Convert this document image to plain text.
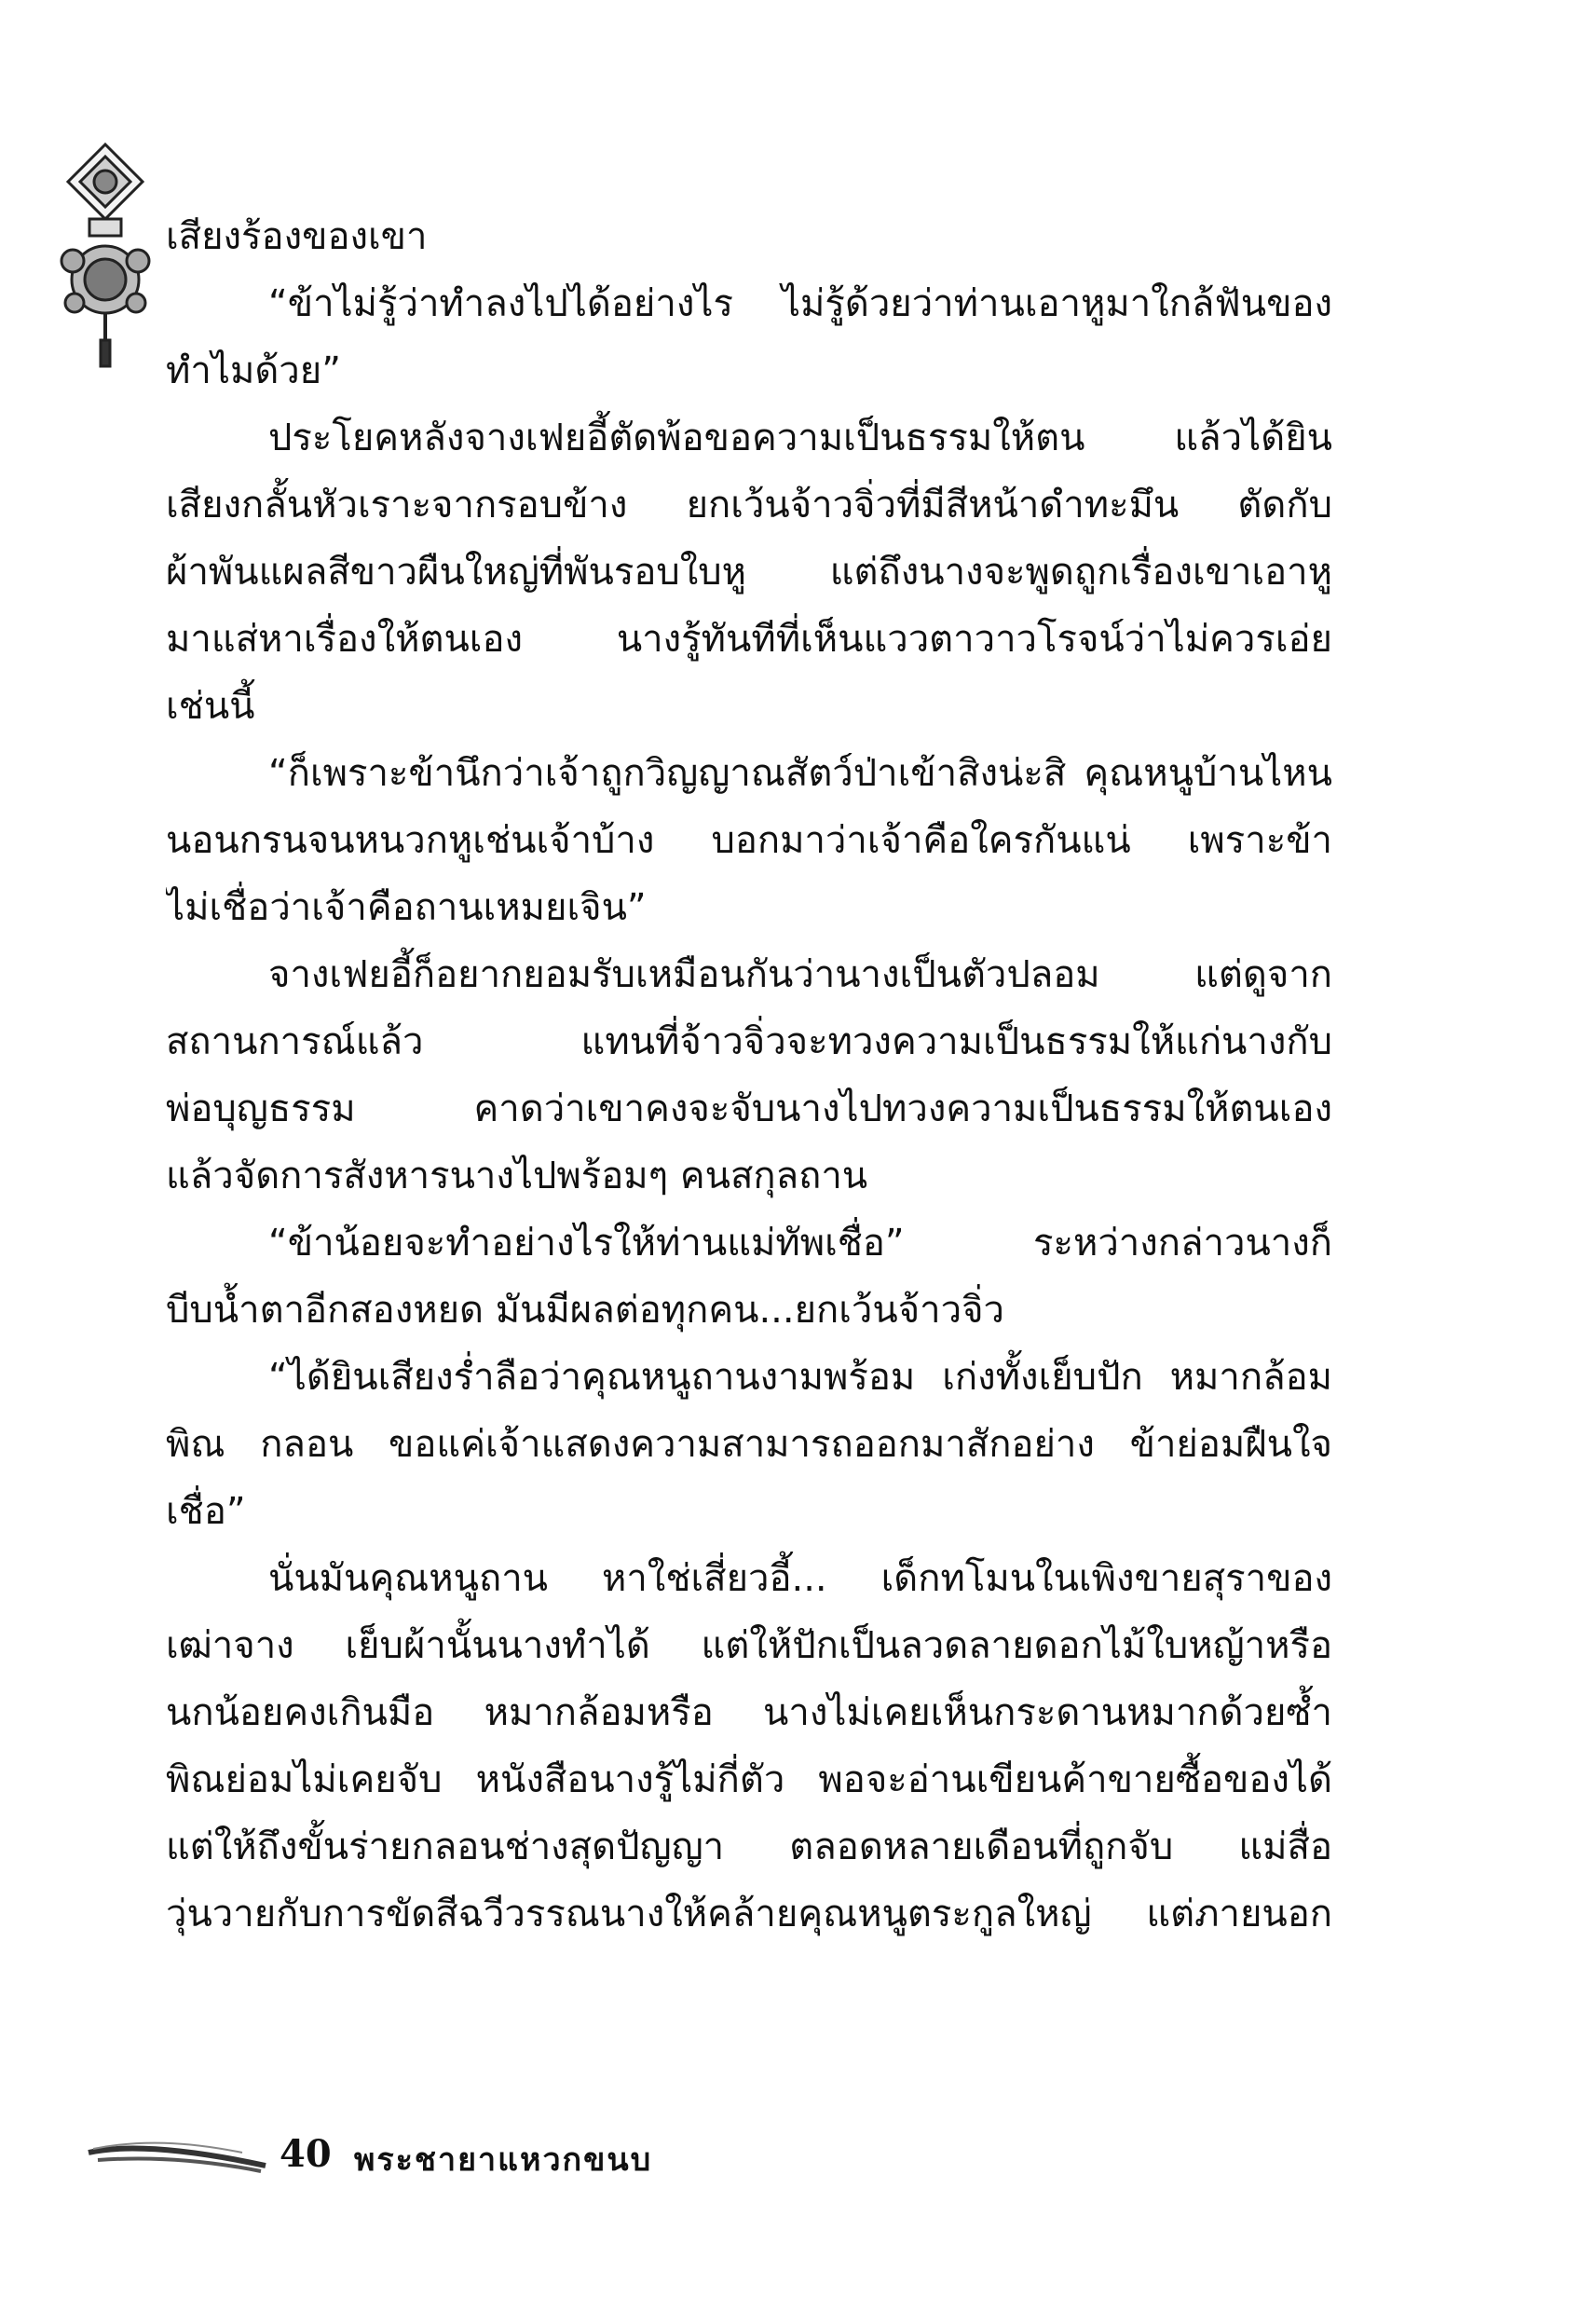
เสียงร้องของเขา
“ข้าไม่รู้ว่าทำลงไปได้อย่างไร ไม่รู้ด้วยว่าท่านเอาหูมาใกล้ฟันของ
ทำไมด้วย”
ประโยคหลังจางเฟยอี้ตัดพ้อขอความเป็นธรรมให้ตน แล้วได้ยิน
เสียงกลั้นหัวเราะจากรอบข้าง ยกเว้นจ้าวจิ่วที่มีสีหน้าดำทะมึน ตัดกับ
ผ้าพันแผลสีขาวผืนใหญ่ที่พันรอบใบหู แต่ถึงนางจะพูดถูกเรื่องเขาเอาหู
มาแส่หาเรื่องให้ตนเอง นางรู้ทันทีที่เห็นแววตาวาวโรจน์ว่าไม่ควรเอ่ย
เช่นนี้
“ก็เพราะข้านึกว่าเจ้าถูกวิญญาณสัตว์ป่าเข้าสิงน่ะสิ คุณหนูบ้านไหน
นอนกรนจนหนวกหูเช่นเจ้าบ้าง บอกมาว่าเจ้าคือใครกันแน่ เพราะข้า
ไม่เชื่อว่าเจ้าคือถานเหมยเจิน”
จางเฟยอี้ก็อยากยอมรับเหมือนกันว่านางเป็นตัวปลอม แต่ดูจาก
สถานการณ์แล้ว แทนที่จ้าวจิ่วจะทวงความเป็นธรรมให้แก่นางกับ
พ่อบุญธรรม คาดว่าเขาคงจะจับนางไปทวงความเป็นธรรมให้ตนเอง
แล้วจัดการสังหารนางไปพร้อมๆ คนสกุลถาน
“ข้าน้อยจะทำอย่างไรให้ท่านแม่ทัพเชื่อ” ระหว่างกล่าวนางก็
บีบน้ำตาอีกสองหยด มันมีผลต่อทุกคน...ยกเว้นจ้าวจิ่ว
“ได้ยินเสียงร่ำลือว่าคุณหนูถานงามพร้อม เก่งทั้งเย็บปัก หมากล้อม
พิณ กลอน ขอแค่เจ้าแสดงความสามารถออกมาสักอย่าง ข้าย่อมฝืนใจ
เชื่อ”
นั่นมันคุณหนูถาน หาใช่เสี่ยวอี้... เด็กทโมนในเพิงขายสุราของ
เฒ่าจาง เย็บผ้านั้นนางทำได้ แต่ให้ปักเป็นลวดลายดอกไม้ใบหญ้าหรือ
นกน้อยคงเกินมือ หมากล้อมหรือ นางไม่เคยเห็นกระดานหมากด้วยซ้ำ
พิณย่อมไม่เคยจับ หนังสือนางรู้ไม่กี่ตัว พอจะอ่านเขียนค้าขายซื้อของได้
แต่ให้ถึงขั้นร่ายกลอนช่างสุดปัญญา ตลอดหลายเดือนที่ถูกจับ แม่สื่อ
วุ่นวายกับการขัดสีฉวีวรรณนางให้คล้ายคุณหนูตระกูลใหญ่ แต่ภายนอก
40 พระชายาแหวกขนบ
